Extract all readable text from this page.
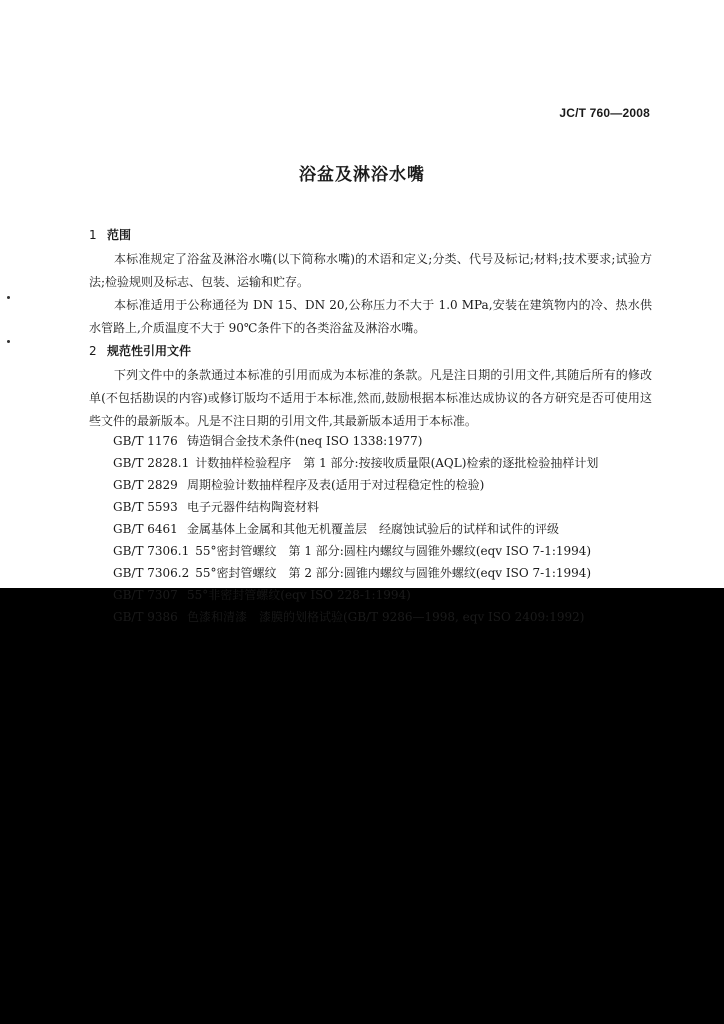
JC/T 760—2008
浴盆及淋浴水嘴
1 范围
本标准规定了浴盆及淋浴水嘴(以下简称水嘴)的术语和定义;分类、代号及标记;材料;技术要求;试验方法;检验规则及标志、包装、运输和贮存。
本标准适用于公称通径为 DN 15、DN 20,公称压力不大于 1.0 MPa,安装在建筑物内的冷、热水供水管路上,介质温度不大于 90℃条件下的各类浴盆及淋浴水嘴。
2 规范性引用文件
下列文件中的条款通过本标准的引用而成为本标准的条款。凡是注日期的引用文件,其随后所有的修改单(不包括勘误的内容)或修订版均不适用于本标准,然而,鼓励根据本标准达成协议的各方研究是否可使用这些文件的最新版本。凡是不注日期的引用文件,其最新版本适用于本标准。
GB/T 1176 铸造铜合金技术条件(neq ISO 1338:1977)
GB/T 2828.1 计数抽样检验程序　第 1 部分:按接收质量限(AQL)检索的逐批检验抽样计划
GB/T 2829 周期检验计数抽样程序及表(适用于对过程稳定性的检验)
GB/T 5593 电子元器件结构陶瓷材料
GB/T 6461 金属基体上金属和其他无机覆盖层　经腐蚀试验后的试样和试件的评级
GB/T 7306.1 55°密封管螺纹　第 1 部分:圆柱内螺纹与圆锥外螺纹(eqv ISO 7-1:1994)
GB/T 7306.2 55°密封管螺纹　第 2 部分:圆锥内螺纹与圆锥外螺纹(eqv ISO 7-1:1994)
GB/T 7307 55°非密封管螺纹(eqv ISO 228-1:1994)
GB/T 9386 色漆和清漆　漆膜的划格试验(GB/T 9286—1998, eqv ISO 2409:1992)
